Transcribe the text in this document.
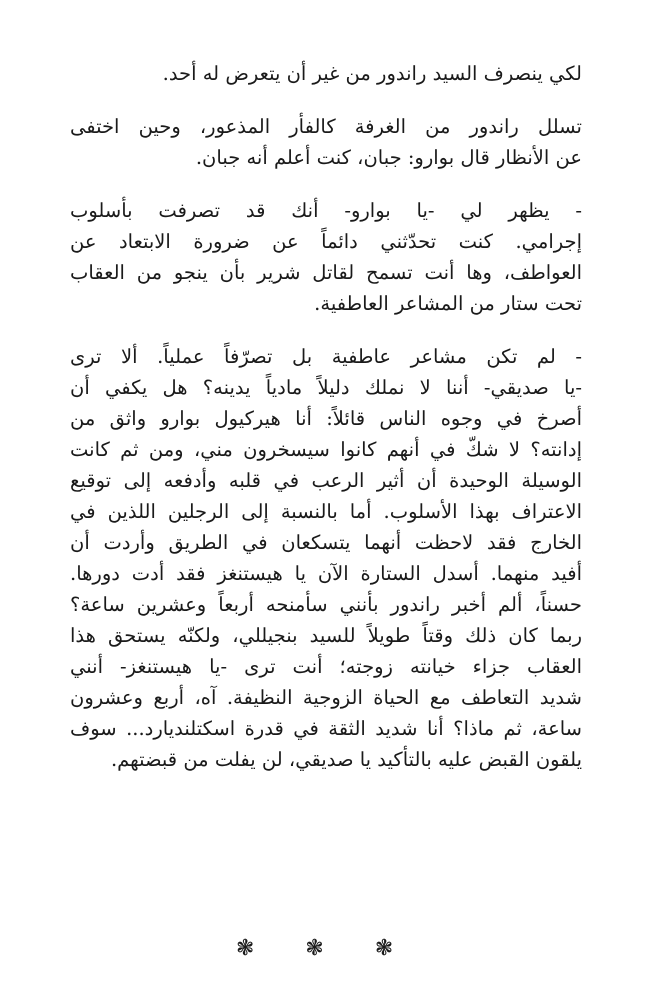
لكي ينصرف السيد راندور من غير أن يتعرض له أحد.

تسلل راندور من الغرفة كالفأر المذعور، وحين اختفى
عن الأنظار قال بوارو: جبان، كنت أعلم أنه جبان.

- يظهر لي -يا بوارو- أنك قد تصرفت بأسلوب
إجرامي. كنت تحدّثني دائماً عن ضرورة الابتعاد عن
العواطف، وها أنت تسمح لقاتل شرير بأن ينجو من العقاب
تحت ستار من المشاعر العاطفية.

- لم تكن مشاعر عاطفية بل تصرّفاً عملياً. ألا ترى
-يا صديقي- أننا لا نملك دليلاً مادياً يدينه؟ هل يكفي أن
أصرخ في وجوه الناس قائلاً: أنا هيركيول بوارو واثق من
إدانته؟ لا شكّ في أنهم كانوا سيسخرون مني، ومن ثم كانت
الوسيلة الوحيدة أن أثير الرعب في قلبه وأدفعه إلى توقيع
الاعتراف بهذا الأسلوب. أما بالنسبة إلى الرجلين اللذين في
الخارج فقد لاحظت أنهما يتسكعان في الطريق وأردت أن
أفيد منهما. أسدل الستارة الآن يا هيستنغز فقد أدت دورها.
حسناً، ألم أخبر راندور بأنني سأمنحه أربعاً وعشرين ساعة؟
ربما كان ذلك وقتاً طويلاً للسيد بنجيللي، ولكنّه يستحق هذا
العقاب جزاء خيانته زوجته؛ أنت ترى -يا هيستنغز- أنني
شديد التعاطف مع الحياة الزوجية النظيفة. آه، أربع وعشرون
ساعة، ثم ماذا؟ أنا شديد الثقة في قدرة اسكتلنديارد... سوف
يلقون القبض عليه بالتأكيد يا صديقي، لن يفلت من قبضتهم.

❃ ❃ ❃
